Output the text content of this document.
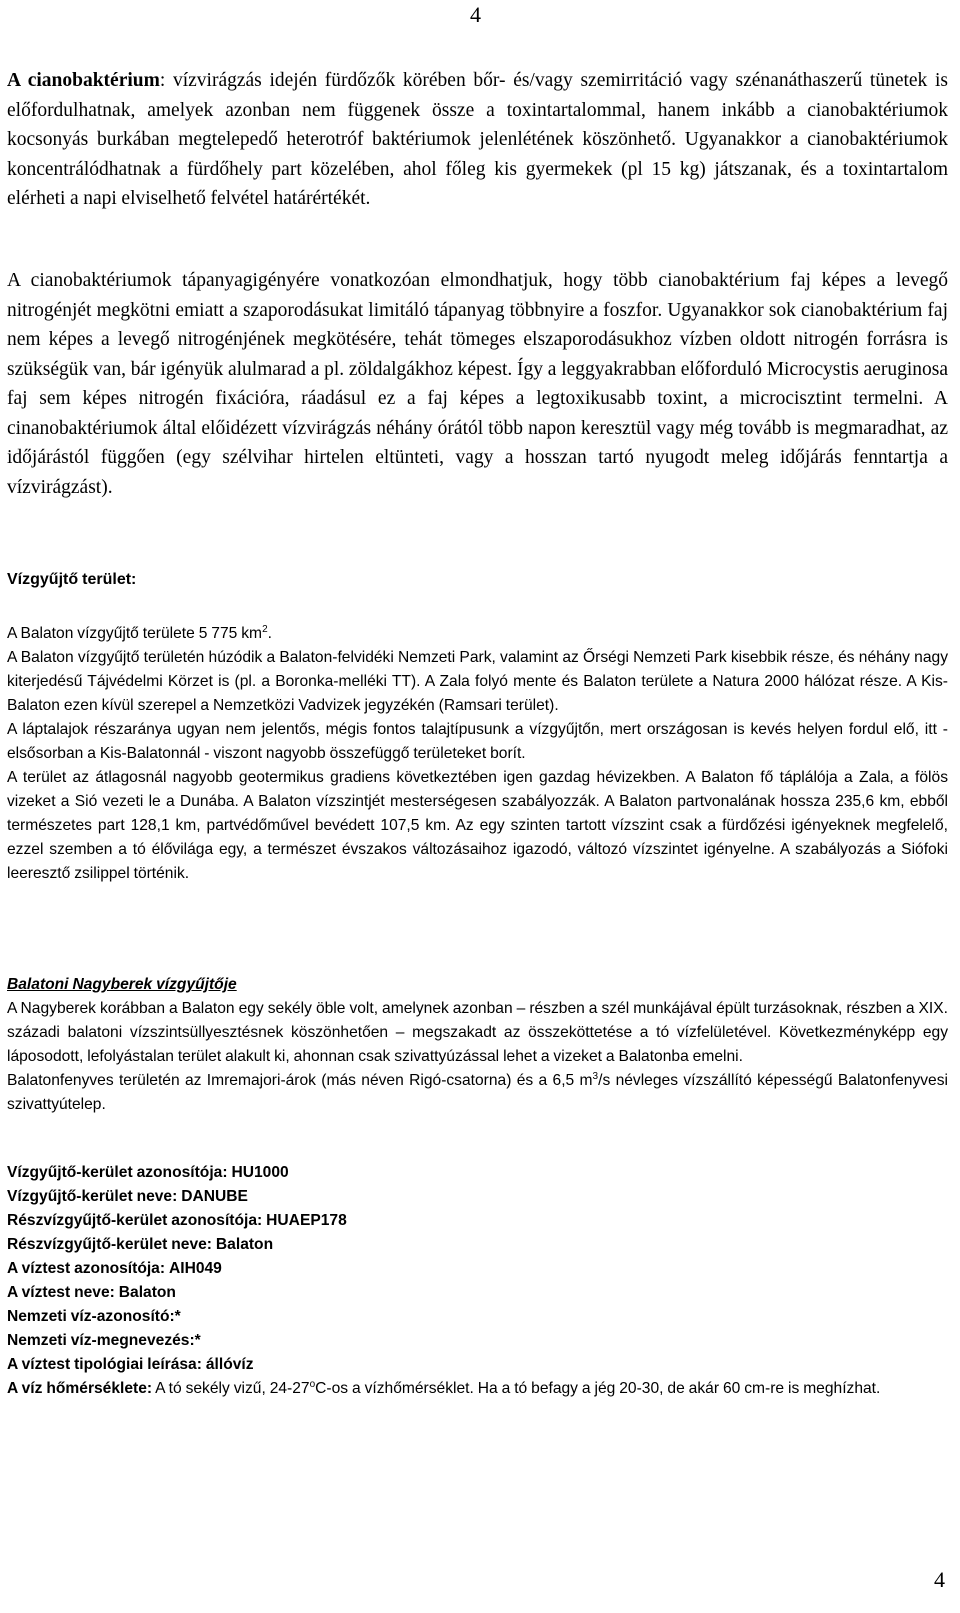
4

A cianobaktérium: vízvirágzás idején fürdőzők körében bőr- és/vagy szemirritáció vagy szénanáthaszerű tünetek is előfordulhatnak, amelyek azonban nem függenek össze a toxintartalommal, hanem inkább a cianobaktériumok kocsonyás burkában megtelepedő heterotróf baktériumok jelenlétének köszönhető. Ugyanakkor a cianobaktériumok koncentrálódhatnak a fürdőhely part közelében, ahol főleg kis gyermekek (pl 15 kg) játszanak, és a toxintartalom elérheti a napi elviselhető felvétel határértékét.

A cianobaktériumok tápanyagigényére vonatkozóan elmondhatjuk, hogy több cianobaktérium faj képes a levegő nitrogénjét megkötni emiatt a szaporodásukat limitáló tápanyag többnyire a foszfor. Ugyanakkor sok cianobaktérium faj nem képes a levegő nitrogénjének megkötésére, tehát tömeges elszaporodásukhoz vízben oldott nitrogén forrásra is szükségük van, bár igényük alulmarad a pl. zöldalgákhoz képest. Így a leggyakrabban előforduló Microcystis aeruginosa faj sem képes nitrogén fixációra, ráadásul ez a faj képes a legtoxikusabb toxint, a microcisztint termelni. A cinanobaktériumok által előidézett vízvirágzás néhány órától több napon keresztül vagy még tovább is megmaradhat, az időjárástól függően (egy szélvihar hirtelen eltünteti, vagy a hosszan tartó nyugodt meleg időjárás fenntartja a vízvirágzást).

Vízgyűjtő terület:

A Balaton vízgyűjtő területe 5 775 $km^2$.

A Balaton vízgyűjtő területén húzódik a Balaton-felvidéki Nemzeti Park, valamint az Őrségi Nemzeti Park kisebbik része, és néhány nagy kiterjedésű Tájvédelmi Körzet is (pl. a Boronka-melléki TT). A Zala folyó mente és Balaton területe a Natura 2000 hálózat része. A Kis-Balaton ezen kívül szerepel a Nemzetközi Vadvizek jegyzékén (Ramsari terület).

A láptalajok részaránya ugyan nem jelentős, mégis fontos talajtípusunk a vízgyűjtőn, mert országosan is kevés helyen fordul elő, itt - elsősorban a Kis-Balatonnál - viszont nagyobb összefüggő területeket borít.

A terület az átlagosnál nagyobb geotermikus gradiens következtében igen gazdag hévizekben. A Balaton fő táplálója a Zala, a fölös vizeket a Sió vezeti le a Dunába. A Balaton vízszintjét mesterségesen szabályozzák. A Balaton partvonalának hossza 235,6 km, ebből természetes part 128,1 km, partvédőművel bevédett 107,5 km. Az egy szinten tartott vízszint csak a fürdőzési igényeknek megfelelő, ezzel szemben a tó élővilága egy, a természet évszakos változásaihoz igazodó, változó vízszintet igényelne. A szabályozás a Siófoki leeresztő zsilippel történik.

Balatoni Nagyberek vízgyűjtője

A Nagyberek korábban a Balaton egy sekély öble volt, amelynek azonban – részben a szél munkájával épült turzásoknak, részben a XIX. századi balatoni vízszintsüllyesztésnek köszönhetően – megszakadt az összeköttetése a tó vízfelületével. Következményképp egy láposodott, lefolyástalan terület alakult ki, ahonnan csak szivattyúzással lehet a vizeket a Balatonba emelni.

Balatonfenyves területén az Imremajori-árok (más néven Rigó-csatorna) és a 6,5 $m^3/s$ névleges vízszállító képességű Balatonfenyvesi szivattyútelep.

Vízgyűjtő-kerület azonosítója: HU1000

Vízgyűjtő-kerület neve: DANUBE

Részvízgyűjtő-kerület azonosítója: HUAEP178

Részvízgyűjtő-kerület neve: Balaton

A víztest azonosítója: AIH049

A víztest neve: Balaton

Nemzeti víz-azonosító:*

Nemzeti víz-megnevezés:*

A víztest tipológiai leírása: állóvíz

A víz hőmérséklete: A tó sekély vizű, 24-27$^o$C-os a vízhőmérséklet. Ha a tó befagy a jég 20-30, de akár 60 cm-re is meghízhat.

4
